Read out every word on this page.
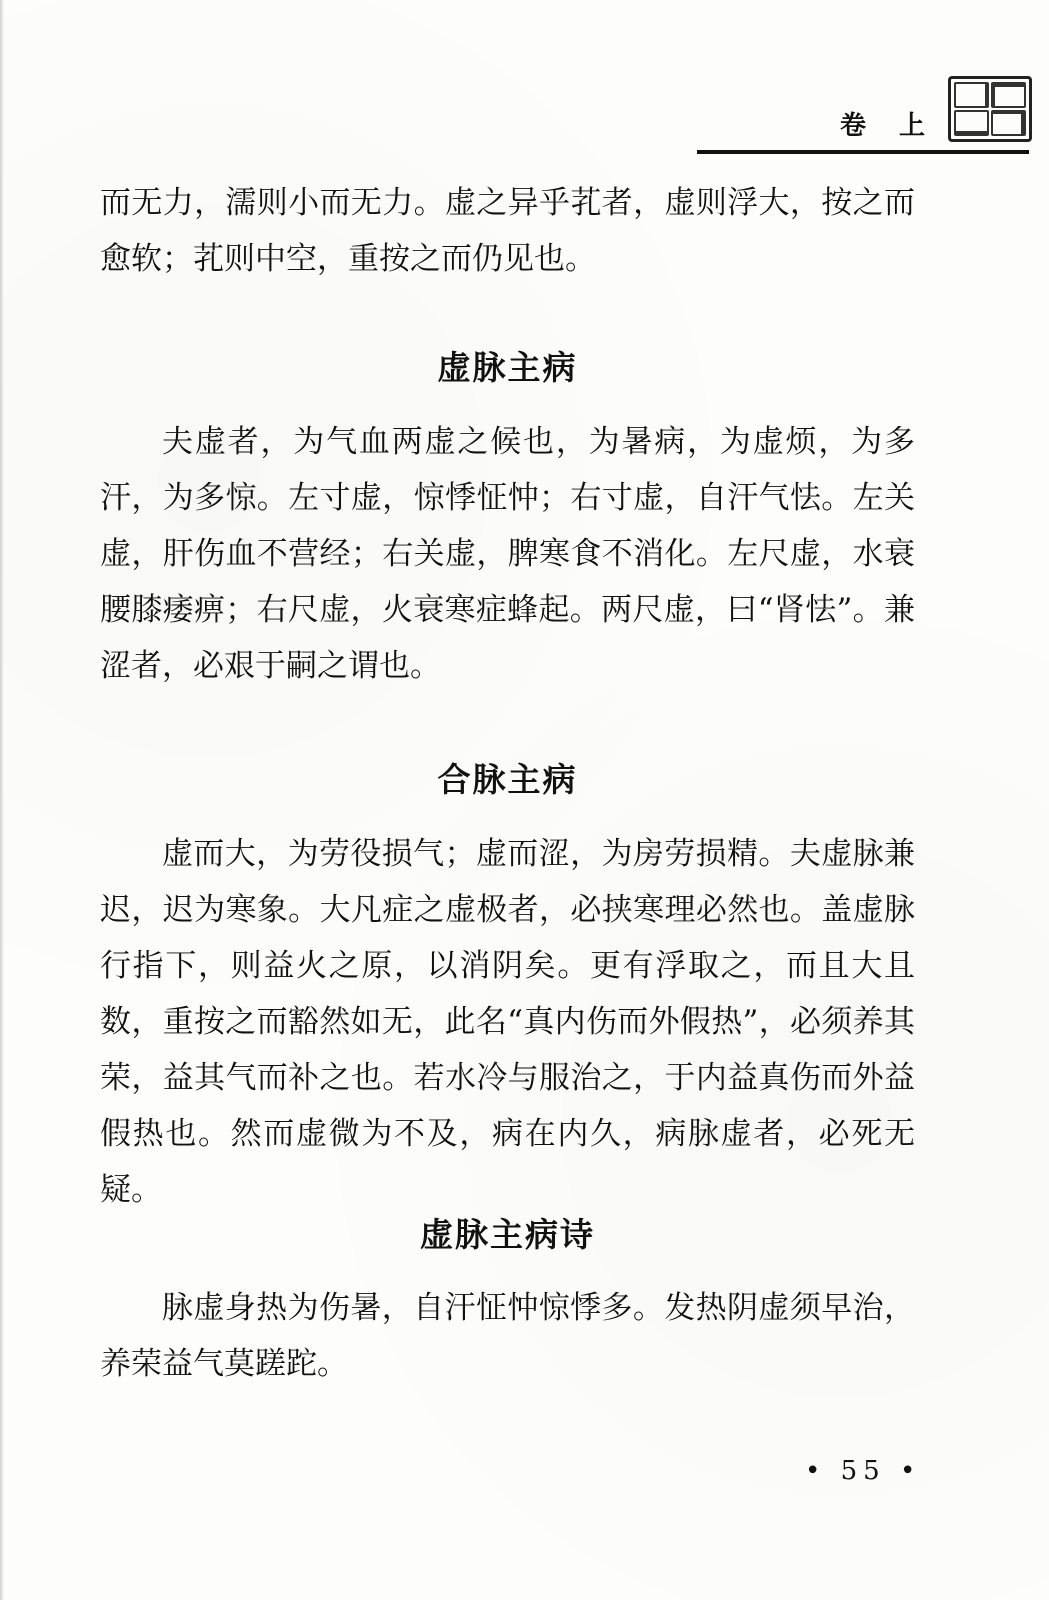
卷 上

而无力，濡则小而无力。虚之异乎芤者，虚则浮大，按之而愈软；芤则中空，重按之而仍见也。

虚脉主病

夫虚者，为气血两虚之候也，为暑病，为虚烦，为多汗，为多惊。左寸虚，惊悸怔忡；右寸虚，自汗气怯。左关虚，肝伤血不营经；右关虚，脾寒食不消化。左尺虚，水衰腰膝痿痹；右尺虚，火衰寒症蜂起。两尺虚，曰“肾怯”。兼涩者，必艰于嗣之谓也。

合脉主病

虚而大，为劳役损气；虚而涩，为房劳损精。夫虚脉兼迟，迟为寒象。大凡症之虚极者，必挟寒理必然也。盖虚脉行指下，则益火之原，以消阴矣。更有浮取之，而且大且数，重按之而豁然如无，此名“真内伤而外假热”，必须养其荣，益其气而补之也。若水冷与服治之，于内益真伤而外益假热也。然而虚微为不及，病在内久，病脉虚者，必死无疑。

虚脉主病诗

脉虚身热为伤暑，自汗怔忡惊悸多。发热阴虚须早治，养荣益气莫蹉跎。

• 55 •
